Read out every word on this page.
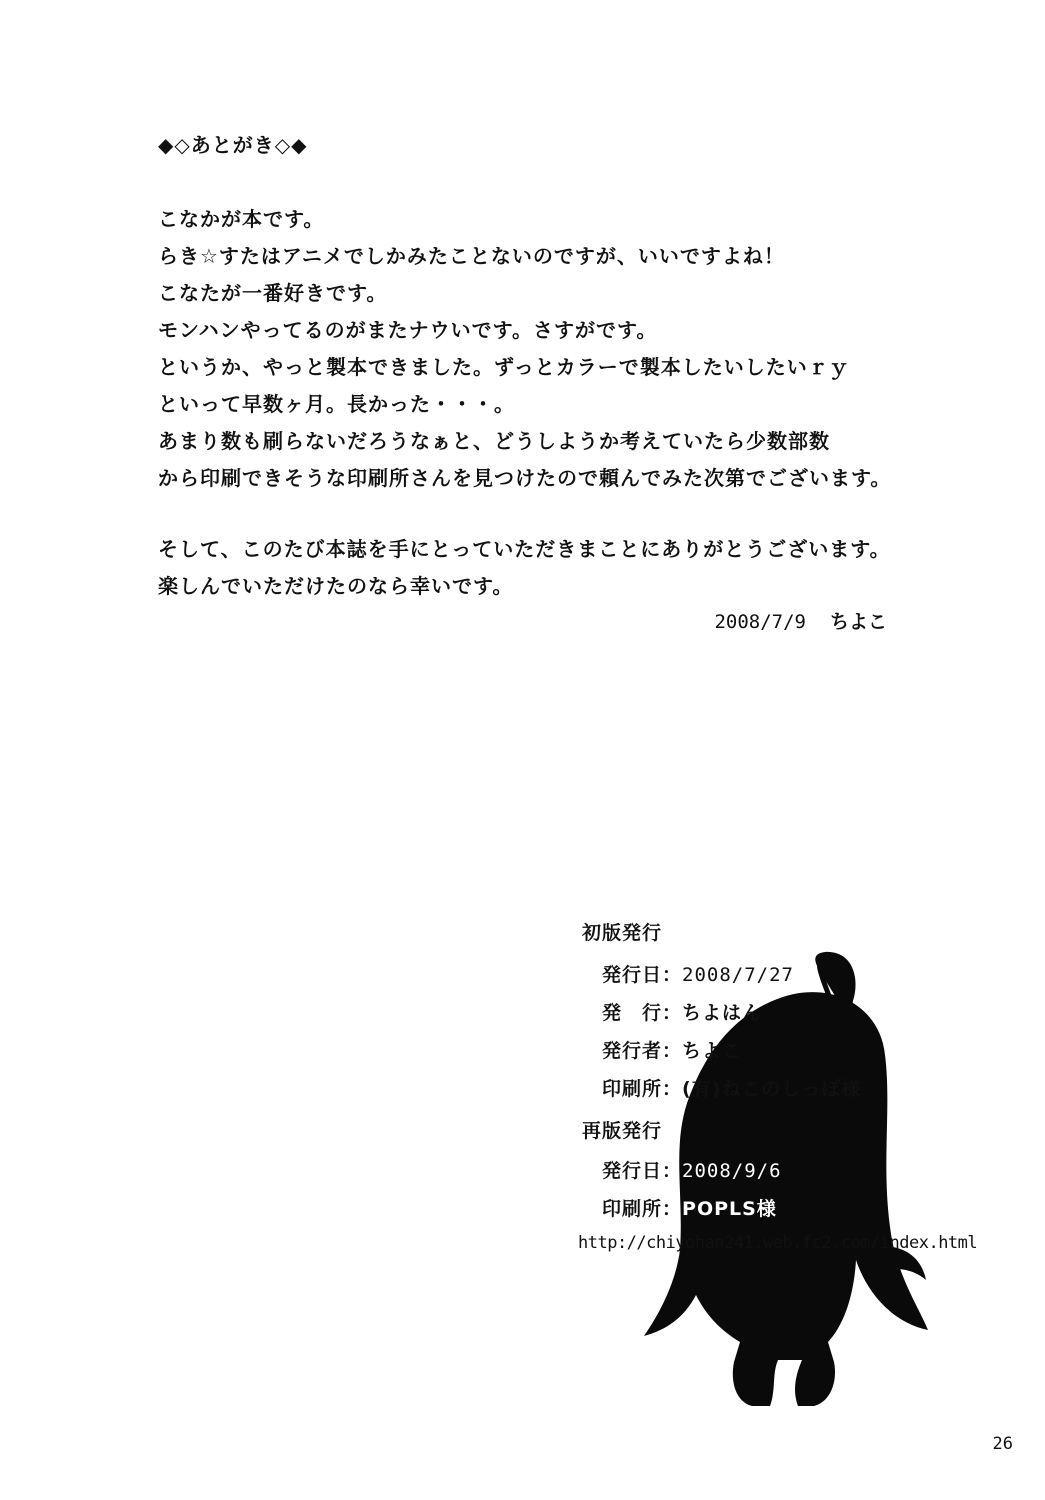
◆◇あとがき◇◆
こなかが本です。
らき☆すたはアニメでしかみたことないのですが、いいですよね！
こなたが一番好きです。
モンハンやってるのがまたナウいです。さすがです。
というか、やっと製本できました。ずっとカラーで製本したいしたいｒｙ
といって早数ヶ月。長かった・・・。
あまり数も刷らないだろうなぁと、どうしようか考えていたら少数部数
から印刷できそうな印刷所さんを見つけたので頼んでみた次第でございます。
そして、このたび本誌を手にとっていただきまことにありがとうございます。
楽しんでいただけたのなら幸いです。
2008/7/9 ちよこ
初版発行
発行日：2008/7/27
発　行：ちよはん
発行者：ちよこ
印刷所：(有)ねこのしっぽ様
再版発行
発行日：2008/9/6
印刷所：POPLS様
http://chiyohan241.web.fc2.com/index.html
26
